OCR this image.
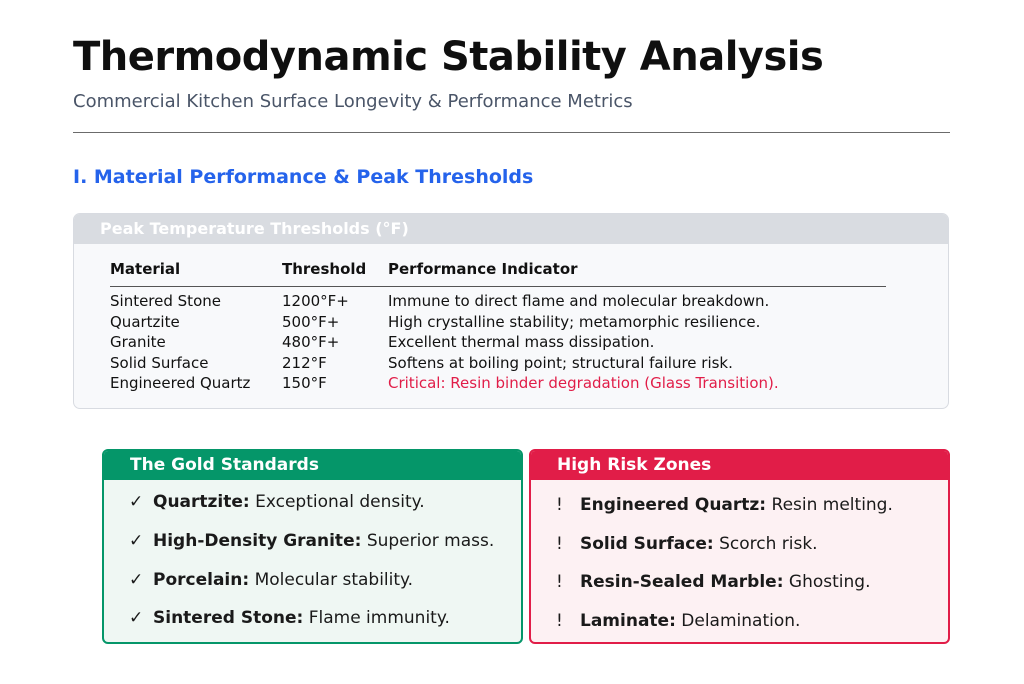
Thermodynamic Stability Analysis

Commercial Kitchen Surface Longevity & Performance Metrics

I. Material Performance & Peak Thresholds
Peak Temperature Thresholds (°F)
Material	Threshold	Performance Indicator
Sintered Stone	1200°F+	Immune to direct flame and molecular breakdown.
Quartzite	500°F+	High crystalline stability; metamorphic resilience.
Granite	480°F+	Excellent thermal mass dissipation.
Solid Surface	212°F	Softens at boiling point; structural failure risk.
Engineered Quartz	150°F	Critical: Resin binder degradation (Glass Transition).
The Gold Standards
✓ Quartzite: Exceptional density.
✓ High-Density Granite: Superior mass.
✓ Porcelain: Molecular stability.
✓ Sintered Stone: Flame immunity.
High Risk Zones
! Engineered Quartz: Resin melting.
! Solid Surface: Scorch risk.
! Resin-Sealed Marble: Ghosting.
! Laminate: Delamination.
